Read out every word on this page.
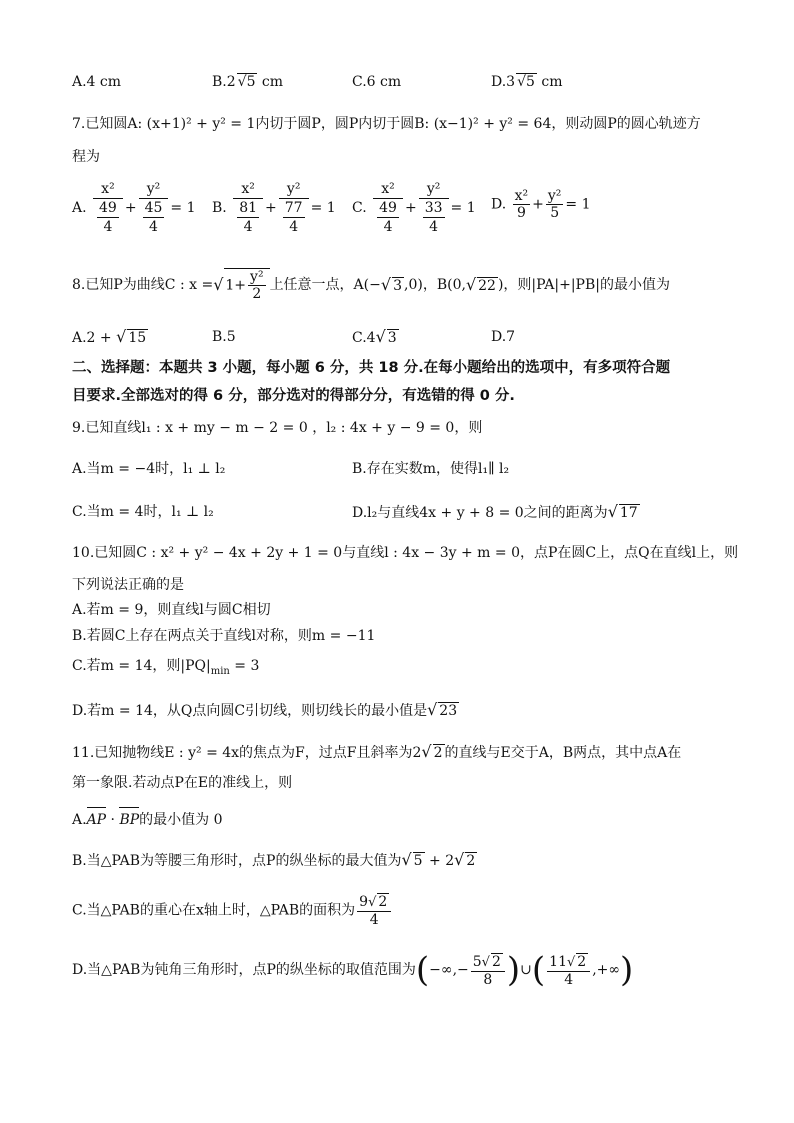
A.4 cm	B.2 √5 cm	C.6 cm	D.3 √5 cm
7.已知圆A: (x+1)² + y² = 1内切于圆P，圆P内切于圆B: (x−1)² + y² = 64，则动圆P的圆心轨迹方
程为
A. $\frac{\text{x²}}{\frac{49}{4}} + \frac{\text{y²}}{\frac{45}{4}} = 1$ B. $\frac{\text{x²}}{\frac{81}{4}} + \frac{\text{y²}}{\frac{77}{4}} = 1$ C. $\frac{\text{x²}}{\frac{49}{4}} + \frac{\text{y²}}{\frac{33}{4}} = 1$ D. $\frac{\text{x²}}{9} + \frac{\text{y²}}{5} = 1$
8.已知P为曲线C : x =√ $1+ \frac{\text{y²}}{2}$ 上任意一点，A(−√ 3 ,0)，B(0,√ 22 )，则|PA|+|PB|的最小值为
A.2 + √ 15	B.5	C.4√ 3	D.7
二、选择题：本题共 3 小题，每小题 6 分，共 18 分.在每小题给出的选项中，有多项符合题
目要求.全部选对的得 6 分，部分选对的得部分分，有选错的得 0 分.
9.已知直线l₁ : x + my − m − 2 = 0 ，l₂ : 4x + y − 9 = 0，则
A.当m = −4时，l₁ ⊥ l₂	B.存在实数m，使得l₁∥ l₂
C.当m = 4时，l₁ ⊥ l₂	D.l₂与直线4x + y + 8 = 0之间的距离为√ 17
10.已知圆C : x² + y² − 4x + 2y + 1 = 0与直线l : 4x − 3y + m = 0，点P在圆C上，点Q在直线l上，则
下列说法正确的是
A.若m = 9，则直线l与圆C相切
B.若圆C上存在两点关于直线l对称，则m = −11
C.若m = 14，则$|PQ|_{min} = 3$
D.若m = 14，从Q点向圆C引切线，则切线长的最小值是√ 23
11.已知抛物线E : y² = 4x的焦点为F，过点F且斜率为2√ 2 的直线与E交于A，B两点，其中点A在
第一象限.若动点P在E的准线上，则
A.AP · BP的最小值为 0
B.当△PAB为等腰三角形时，点P的纵坐标的最大值为√ 5 + 2√ 2
C.当△PAB的重心在x轴上时，△PAB的面积为 $\frac{9√ 2}{4}$
D.当△PAB为钝角三角形时，点P的纵坐标的取值范围为(−∞,− $\frac{5√ 2}{8}$ )∪( $\frac{11√ 2}{4}$ ,+∞)
